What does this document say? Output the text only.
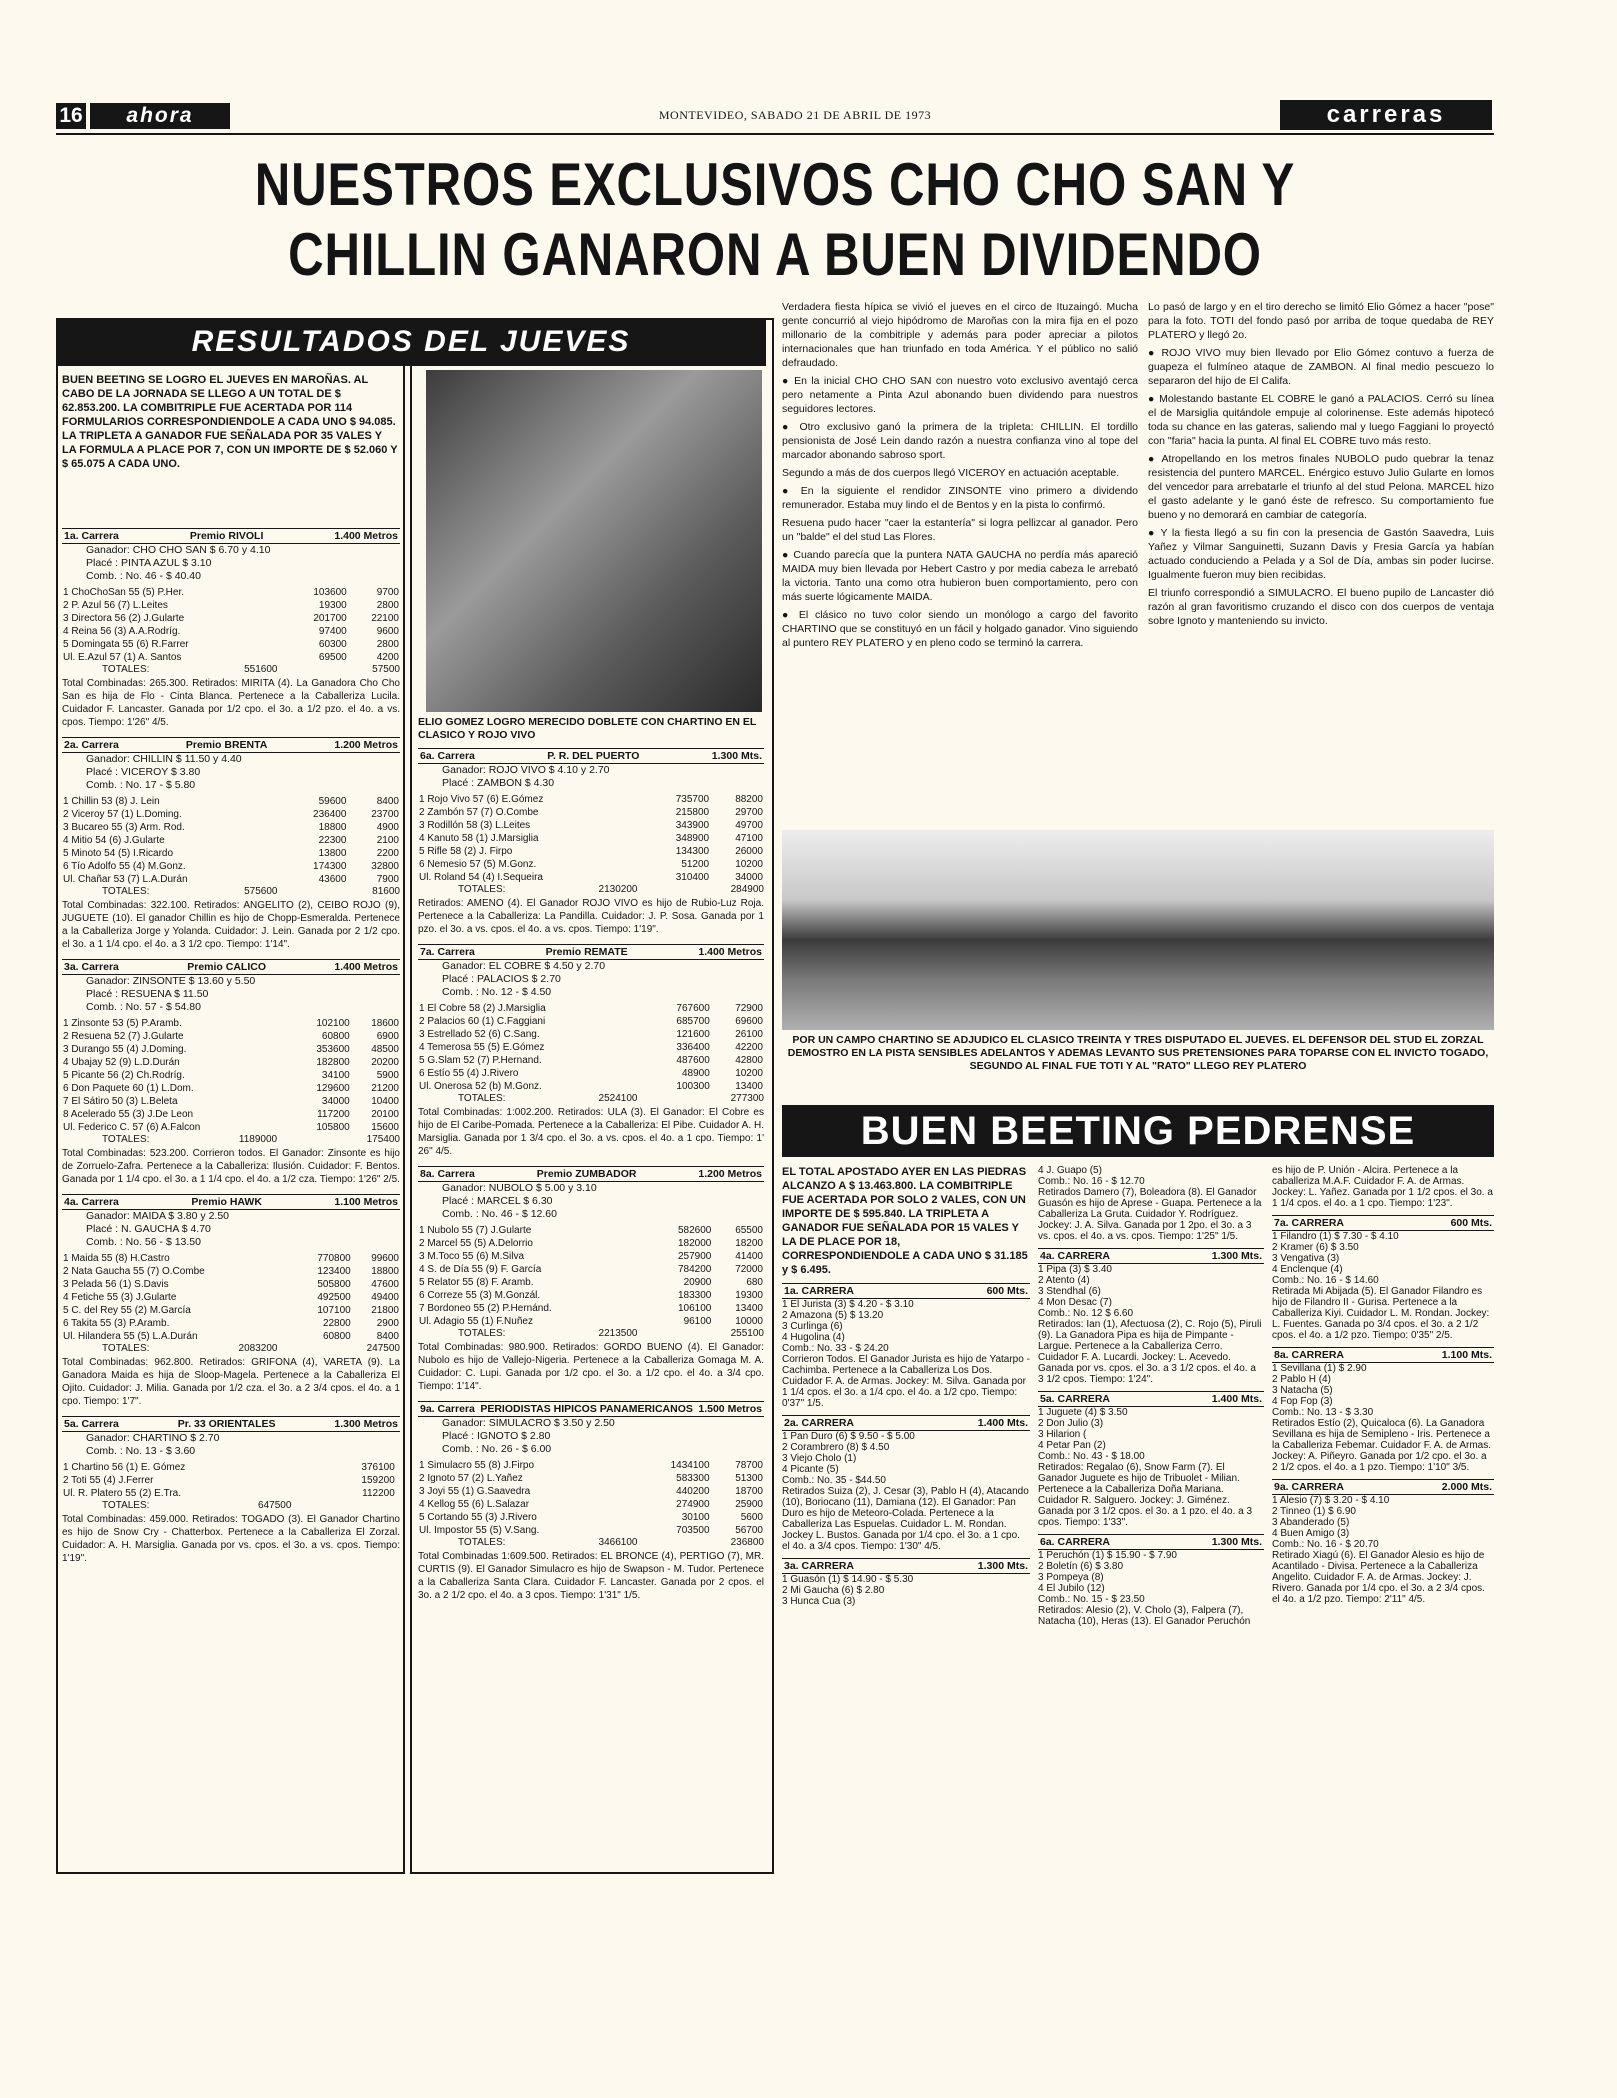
16	ahora	MONTEVIDEO, SABADO 21 DE ABRIL DE 1973	carreras
NUESTROS EXCLUSIVOS CHO CHO SAN Y
CHILLIN GANARON A BUEN DIVIDENDO
RESULTADOS DEL JUEVES
BUEN BEETING SE LOGRO EL JUEVES EN MAROÑAS. AL CABO DE LA JORNADA SE LLEGO A UN TOTAL DE $ 62.853.200. LA COMBITRIPLE FUE ACERTADA POR 114 FORMULARIOS CORRESPONDIENDOLE A CADA UNO $ 94.085. LA TRIPLETA A GANADOR FUE SEÑALADA POR 35 VALES Y LA FORMULA A PLACE POR 7, CON UN IMPORTE DE $ 52.060 Y $ 65.075 A CADA UNO.
1a. Carrera	Premio RIVOLI	1.400 Metros
Ganador: CHO CHO SAN $ 6.70 y 4.10
Placé : PINTA AZUL $ 3.10
Comb. : No. 46 - $ 40.40
1 ChoChoSan 55 (5) P.Her.	103600	9700
2 P. Azul 56 (7) L.Leites	19300	2800
3 Directora 56 (2) J.Gularte	201700	22100
4 Reina 56 (3) A.A.Rodríg.	97400	9600
5 Domingata 55 (6) R.Farrer	60300	2800
Ul. E.Azul 57 (1) A. Santos	69500	4200
TOTALES:	551600	57500
Total Combinadas: 265.300. Retirados: MIRITA (4). La Ganadora Cho Cho San es hija de Flo - Cinta Blanca. Pertenece a la Caballeriza Lucila. Cuidador F. Lancaster. Ganada por 1/2 cpo. el 3o. a 1/2 pzo. el 4o. a vs. cpos. Tiempo: 1'26" 4/5.
2a. Carrera	Premio BRENTA	1.200 Metros
Ganador: CHILLIN $ 11.50 y 4.40
Placé : VICEROY $ 3.80
Comb. : No. 17 - $ 5.80
1 Chillin 53 (8) J. Lein	59600	8400
2 Viceroy 57 (1) L.Doming.	236400	23700
3 Bucareo 55 (3) Arm. Rod.	18800	4900
4 Mitio 54 (6) J.Gularte	22300	2100
5 Minoto 54 (5) I.Ricardo	13800	2200
6 Tío Adolfo 55 (4) M.Gonz.	174300	32800
Ul. Chañar 53 (7) L.A.Durán	43600	7900
TOTALES:	575600	81600
Total Combinadas: 322.100. Retirados: ANGELITO (2), CEIBO ROJO (9), JUGUETE (10). El ganador Chillin es hijo de Chopp-Esmeralda. Pertenece a la Caballeriza Jorge y Yolanda. Cuidador: J. Lein. Ganada por 2 1/2 cpo. el 3o. a 1 1/4 cpo. el 4o. a 3 1/2 cpo. Tiempo: 1'14".
3a. Carrera	Premio CALICO	1.400 Metros
Ganador: ZINSONTE $ 13.60 y 5.50
Placé : RESUENA $ 11.50
Comb. : No. 57 - $ 54.80
1 Zinsonte 53 (5) P.Aramb.	102100	18600
2 Resuena 52 (7) J.Gularte	60800	6900
3 Durango 55 (4) J.Doming.	353600	48500
4 Ubajay 52 (9) L.D.Durán	182800	20200
5 Picante 56 (2) Ch.Rodríg.	34100	5900
6 Don Paquete 60 (1) L.Dom.	129600	21200
7 El Sátiro 50 (3) L.Beleta	34000	10400
8 Acelerado 55 (3) J.De Leon	117200	20100
Ul. Federico C. 57 (6) A.Falcon	105800	15600
TOTALES:	1189000	175400
Total Combinadas: 523.200. Corrieron todos. El Ganador: Zinsonte es hijo de Zorruelo-Zafra. Pertenece a la Caballeriza: Ilusión. Cuidador: F. Bentos. Ganada por 1 1/4 cpo. el 3o. a 1 1/4 cpo. el 4o. a 1/2 cza. Tiempo: 1'26" 2/5.
4a. Carrera	Premio HAWK	1.100 Metros
Ganador: MAIDA $ 3.80 y 2.50
Placé : N. GAUCHA $ 4.70
Comb. : No. 56 - $ 13.50
1 Maida 55 (8) H.Castro	770800	99600
2 Nata Gaucha 55 (7) O.Combe	123400	18800
3 Pelada 56 (1) S.Davis	505800	47600
4 Fetiche 55 (3) J.Gularte	492500	49400
5 C. del Rey 55 (2) M.García	107100	21800
6 Takita 55 (3) P.Aramb.	22800	2900
Ul. Hilandera 55 (5) L.A.Durán	60800	8400
TOTALES:	2083200	247500
Total Combinadas: 962.800. Retirados: GRIFONA (4), VARETA (9). La Ganadora Maida es hija de Sloop-Magela. Pertenece a la Caballeriza El Ojito. Cuidador: J. Milia. Ganada por 1/2 cza. el 3o. a 2 3/4 cpos. el 4o. a 1 cpo. Tiempo: 1'7".
5a. Carrera	Pr. 33 ORIENTALES	1.300 Metros
Ganador: CHARTINO $ 2.70
Comb. : No. 13 - $ 3.60
1 Chartino 56 (1) E. Gómez	376100	
2 Toti 55 (4) J.Ferrer	159200	
Ul. R. Platero 55 (2) E.Tra.	112200	
TOTALES:	647500
Total Combinadas: 459.000. Retirados: TOGADO (3). El Ganador Chartino es hijo de Snow Cry - Chatterbox. Pertenece a la Caballeriza El Zorzal. Cuidador: A. H. Marsiglia. Ganada por vs. cpos. el 3o. a vs. cpos. Tiempo: 1'19".
ELIO GOMEZ LOGRO MERECIDO DOBLETE CON CHARTINO EN EL CLASICO Y ROJO VIVO
6a. Carrera	P. R. DEL PUERTO	1.300 Mts.
Ganador: ROJO VIVO $ 4.10 y 2.70
Placé : ZAMBON $ 4.30
1 Rojo Vivo 57 (6) E.Gómez	735700	88200
2 Zambón 57 (7) O.Combe	215800	29700
3 Rodillón 58 (3) L.Leites	343900	49700
4 Kanuto 58 (1) J.Marsiglia	348900	47100
5 Rifle 58 (2) J. Firpo	134300	26000
6 Nemesio 57 (5) M.Gonz.	51200	10200
Ul. Roland 54 (4) I.Sequeira	310400	34000
TOTALES:	2130200	284900
Retirados: AMENO (4). El Ganador ROJO VIVO es hijo de Rubio-Luz Roja. Pertenece a la Caballeriza: La Pandilla. Cuidador: J. P. Sosa. Ganada por 1 pzo. el 3o. a vs. cpos. el 4o. a vs. cpos. Tiempo: 1'19".
7a. Carrera	Premio REMATE	1.400 Metros
Ganador: EL COBRE $ 4.50 y 2.70
Placé : PALACIOS $ 2.70
Comb. : No. 12 - $ 4.50
1 El Cobre 58 (2) J.Marsiglia	767600	72900
2 Palacios 60 (1) C.Faggiani	685700	69600
3 Estrellado 52 (6) C.Sang.	121600	26100
4 Temerosa 55 (5) E.Gómez	336400	42200
5 G.Slam 52 (7) P.Hernand.	487600	42800
6 Estío 55 (4) J.Rivero	48900	10200
Ul. Onerosa 52 (b) M.Gonz.	100300	13400
TOTALES:	2524100	277300
Total Combinadas: 1:002.200. Retirados: ULA (3). El Ganador: El Cobre es hijo de El Caribe-Pomada. Pertenece a la Caballeriza: El Pibe. Cuidador A. H. Marsiglia. Ganada por 1 3/4 cpo. el 3o. a vs. cpos. el 4o. a 1 cpo. Tiempo: 1' 26" 4/5.
8a. Carrera	Premio ZUMBADOR	1.200 Metros
Ganador: NUBOLO $ 5.00 y 3.10
Placé : MARCEL $ 6.30
Comb. : No. 46 - $ 12.60
1 Nubolo 55 (7) J.Gularte	582600	65500
2 Marcel 55 (5) A.Delorrio	182000	18200
3 M.Toco 55 (6) M.Silva	257900	41400
4 S. de Día 55 (9) F. García	784200	72000
5 Relator 55 (8) F. Aramb.	20900	680
6 Correze 55 (3) M.Gonzál.	183300	19300
7 Bordoneo 55 (2) P.Hernánd.	106100	13400
Ul. Adagio 55 (1) F.Nuñez	96100	10000
TOTALES:	2213500	255100
Total Combinadas: 980.900. Retirados: GORDO BUENO (4). El Ganador: Nubolo es hijo de Vallejo-Nigeria. Pertenece a la Caballeriza Gomaga M. A. Cuidador: C. Lupi. Ganada por 1/2 cpo. el 3o. a 1/2 cpo. el 4o. a 3/4 cpo. Tiempo: 1'14".
9a. Carrera PERIODISTAS HIPICOS PANAMERICANOS 1.500 Metros
Ganador: SIMULACRO $ 3.50 y 2.50
Placé : IGNOTO $ 2.80
Comb. : No. 26 - $ 6.00
1 Simulacro 55 (8) J.Firpo	1434100	78700
2 Ignoto 57 (2) L.Yañez	583300	51300
3 Joyi 55 (1) G.Saavedra	440200	18700
4 Kellog 55 (6) L.Salazar	274900	25900
5 Cortando 55 (3) J.Rivero	30100	5600
Ul. Impostor 55 (5) V.Sang.	703500	56700
TOTALES:	3466100	236800
Total Combinadas 1:609.500. Retirados: EL BRONCE (4), PERTIGO (7), MR. CURTIS (9). El Ganador Simulacro es hijo de Swapson - M. Tudor. Pertenece a la Caballeriza Santa Clara. Cuidador F. Lancaster. Ganada por 2 cpos. el 3o. a 2 1/2 cpo. el 4o. a 3 cpos. Tiempo: 1'31" 1/5.

Verdadera fiesta hípica se vivió el jueves en el circo de Ituzaingó. Mucha gente concurrió al viejo hipódromo de Maroñas con la mira fija en el pozo millonario de la combitriple y además para poder apreciar a pilotos internacionales que han triunfado en toda América. Y el público no salió defraudado.

● En la inicial CHO CHO SAN con nuestro voto exclusivo aventajó cerca pero netamente a Pinta Azul abonando buen dividendo para nuestros seguidores lectores.

● Otro exclusivo ganó la primera de la tripleta: CHILLIN. El tordillo pensionista de José Lein dando razón a nuestra confianza vino al tope del marcador abonando sabroso sport.

Segundo a más de dos cuerpos llegó VICEROY en actuación aceptable.

● En la siguiente el rendidor ZINSONTE vino primero a dividendo remunerador. Estaba muy lindo el de Bentos y en la pista lo confirmó.

Resuena pudo hacer "caer la estantería" si logra pellizcar al ganador. Pero un "balde" el del stud Las Flores.

● Cuando parecía que la puntera NATA GAUCHA no perdía más apareció MAIDA muy bien llevada por Hebert Castro y por media cabeza le arrebató la victoria. Tanto una como otra hubieron buen comportamiento, pero con más suerte lógicamente MAIDA.

● El clásico no tuvo color siendo un monólogo a cargo del favorito CHARTINO que se constituyó en un fácil y holgado ganador. Vino siguiendo al puntero REY PLATERO y en pleno codo se terminó la carrera.

Lo pasó de largo y en el tiro derecho se limitó Elio Gómez a hacer "pose" para la foto. TOTI del fondo pasó por arriba de toque quedaba de REY PLATERO y llegó 2o.

● ROJO VIVO muy bien llevado por Elio Gómez contuvo a fuerza de guapeza el fulmíneo ataque de ZAMBON. Al final medio pescuezo lo separaron del hijo de El Califa.

● Molestando bastante EL COBRE le ganó a PALACIOS. Cerró su línea el de Marsiglia quitándole empuje al colorinense. Este además hipotecó toda su chance en las gateras, saliendo mal y luego Faggiani lo proyectó con "faria" hacia la punta. Al final EL COBRE tuvo más resto.

● Atropellando en los metros finales NUBOLO pudo quebrar la tenaz resistencia del puntero MARCEL. Enérgico estuvo Julio Gularte en lomos del vencedor para arrebatarle el triunfo al del stud Pelona. MARCEL hizo el gasto adelante y le ganó éste de refresco. Su comportamiento fue bueno y no demorará en cambiar de categoría.

● Y la fiesta llegó a su fin con la presencia de Gastón Saavedra, Luis Yañez y Vilmar Sanguinetti, Suzann Davis y Fresia García ya habían actuado conduciendo a Pelada y a Sol de Día, ambas sin poder lucirse. Igualmente fueron muy bien recibidas.

El triunfo correspondió a SIMULACRO. El bueno pupilo de Lancaster dió razón al gran favoritismo cruzando el disco con dos cuerpos de ventaja sobre Ignoto y manteniendo su invicto.

POR UN CAMPO CHARTINO SE ADJUDICO EL CLASICO TREINTA Y TRES DISPUTADO EL JUEVES. EL DEFENSOR DEL STUD EL ZORZAL DEMOSTRO EN LA PISTA SENSIBLES ADELANTOS Y ADEMAS LEVANTO SUS PRETENSIONES PARA TOPARSE CON EL INVICTO TOGADO, SEGUNDO AL FINAL FUE TOTI Y AL "RATO" LLEGO REY PLATERO
BUEN BEETING PEDRENSE
EL TOTAL APOSTADO AYER EN LAS PIEDRAS ALCANZO A $ 13.463.800. LA COMBITRIPLE FUE ACERTADA POR SOLO 2 VALES, CON UN IMPORTE DE $ 595.840. LA TRIPLETA A GANADOR FUE SEÑALADA POR 15 VALES Y LA DE PLACE POR 18, CORRESPONDIENDOLE A CADA UNO $ 31.185 y $ 6.495.
1a. CARRERA	600 Mts.
1 El Jurista (3) $ 4.20 - $ 3.10
2 Amazona (5) $ 13.20
3 Curlinga (6)
4 Hugolina (4)
Comb.: No. 33 - $ 24.20
Corrieron Todos. El Ganador Jurista es hijo de Yatarpo - Cachimba. Pertenece a la Caballeriza Los Dos. Cuidador F. A. de Armas. Jockey: M. Silva. Ganada por 1 1/4 cpos. el 3o. a 1/4 cpo. el 4o. a 1/2 cpo. Tiempo: 0'37" 1/5.
2a. CARRERA	1.400 Mts.
1 Pan Duro (6) $ 9.50 - $ 5.00
2 Corambrero (8) $ 4.50
3 Viejo Cholo (1)
4 Picante (5)
Comb.: No. 35 - $44.50
Retirados Suiza (2), J. Cesar (3), Pablo H (4), Atacando (10), Boriocano (11), Damiana (12). El Ganador: Pan Duro es hijo de Meteoro-Colada. Pertenece a la Caballeriza Las Espuelas. Cuidador L. M. Rondan. Jockey L. Bustos. Ganada por 1/4 cpo. el 3o. a 1 cpo. el 4o. a 3/4 cpos. Tiempo: 1'30" 4/5.
3a. CARRERA	1.300 Mts.
1 Guasón (1) $ 14.90 - $ 5.30
2 Mi Gaucha (6) $ 2.80
3 Hunca Cua (3)
4 J. Guapo (5)
Comb.: No. 16 - $ 12.70
Retirados Damero (7), Boleadora (8). El Ganador Guasón es hijo de Aprese - Guapa. Pertenece a la Caballeriza La Gruta. Cuidador Y. Rodríguez. Jockey: J. A. Silva. Ganada por 1 2po. el 3o. a 3 vs. cpos. el 4o. a vs. cpos. Tiempo: 1'25" 1/5.
4a. CARRERA	1.300 Mts.
1 Pipa (3) $ 3.40
2 Atento (4)
3 Stendhal (6)
4 Mon Desac (7)
Comb.: No. 12 $ 6.60
Retirados: Ian (1), Afectuosa (2), C. Rojo (5), Piruli (9). La Ganadora Pipa es hija de Pimpante - Largue. Pertenece a la Caballeriza Cerro. Cuidador F. A. Lucardi. Jockey: L. Acevedo. Ganada por vs. cpos. el 3o. a 3 1/2 cpos. el 4o. a 3 1/2 cpos. Tiempo: 1'24".
5a. CARRERA	1.400 Mts.
1 Juguete (4) $ 3.50
2 Don Julio (3)
3 Hilarion (
4 Petar Pan (2)
Comb.: No. 43 - $ 18.00
Retirados: Regalao (6), Snow Farm (7). El Ganador Juguete es hijo de Tribuolet - Milian. Pertenece a la Caballeriza Doña Mariana. Cuidador R. Salguero. Jockey: J. Giménez. Ganada por 3 1/2 cpos. el 3o. a 1 pzo. el 4o. a 3 cpos. Tiempo: 1'33".
6a. CARRERA	1.300 Mts.
1 Peruchón (1) $ 15.90 - $ 7.90
2 Boletín (6) $ 3.80
3 Pompeya (8)
4 El Jubilo (12)
Comb.: No. 15 - $ 23.50
Retirados: Alesio (2), V. Cholo (3), Falpera (7), Natacha (10), Heras (13). El Ganador Peruchón
es hijo de P. Unión - Alcira. Pertenece a la caballeriza M.A.F. Cuidador F. A. de Armas. Jockey: L. Yañez. Ganada por 1 1/2 cpos. el 3o. a 1 1/4 cpos. el 4o. a 1 cpo. Tiempo: 1'23".
7a. CARRERA	600 Mts.
1 Filandro (1) $ 7.30 - $ 4.10
2 Kramer (6) $ 3.50
3 Vengativa (3)
4 Enclenque (4)
Comb.: No. 16 - $ 14.60
Retirada Mi Abijada (5). El Ganador Filandro es hijo de Filandro II - Gurisa. Pertenece a la Caballeriza Kiyi. Cuidador L. M. Rondan. Jockey: L. Fuentes. Ganada po 3/4 cpos. el 3o. a 2 1/2 cpos. el 4o. a 1/2 pzo. Tiempo: 0'35" 2/5.
8a. CARRERA	1.100 Mts.
1 Sevillana (1) $ 2.90
2 Pablo H (4)
3 Natacha (5)
4 Fop Fop (3)
Comb.: No. 13 - $ 3.30
Retirados Estío (2), Quicaloca (6). La Ganadora Sevillana es hija de Semipleno - Iris. Pertenece a la Caballeriza Febemar. Cuidador F. A. de Armas. Jockey: A. Piñeyro. Ganada por 1/2 cpo. el 3o. a 2 1/2 cpos. el 4o. a 1 pzo. Tiempo: 1'10" 3/5.
9a. CARRERA	2.000 Mts.
1 Alesio (7) $ 3.20 - $ 4.10
2 Tinneo (1) $ 6.90
3 Abanderado (5)
4 Buen Amigo (3)
Comb.: No. 16 - $ 20.70
Retirado Xiagú (6). El Ganador Alesio es hijo de Acantilado - Divisa. Pertenece a la Caballeriza Angelito. Cuidador F. A. de Armas. Jockey: J. Rivero. Ganada por 1/4 cpo. el 3o. a 2 3/4 cpos. el 4o. a 1/2 pzo. Tiempo: 2'11" 4/5.
